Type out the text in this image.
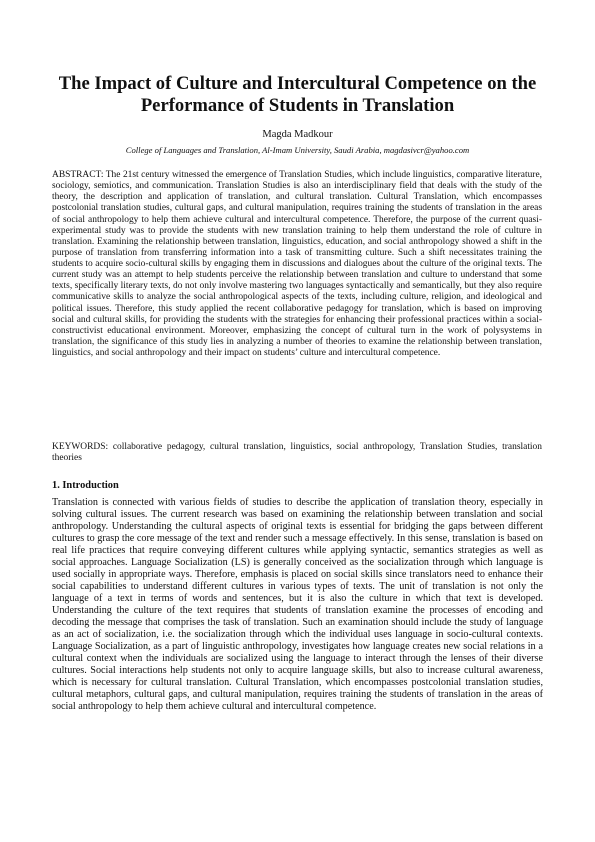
The Impact of Culture and Intercultural Competence on the Performance of Students in Translation
Magda Madkour
College of Languages and Translation, Al-Imam University, Saudi Arabia, magdasivcr@yahoo.com

ABSTRACT: The 21st century witnessed the emergence of Translation Studies, which include linguistics, comparative literature, sociology, semiotics, and communication. Translation Studies is also an interdisciplinary field that deals with the study of the theory, the description and application of translation, and cultural translation. Cultural Translation, which encompasses postcolonial translation studies, cultural gaps, and cultural manipulation, requires training the students of translation in the areas of social anthropology to help them achieve cultural and intercultural competence. Therefore, the purpose of the current quasi-experimental study was to provide the students with new translation training to help them understand the role of culture in translation. Examining the relationship between translation, linguistics, education, and social anthropology showed a shift in the purpose of translation from transferring information into a task of transmitting culture. Such a shift necessitates training the students to acquire socio-cultural skills by engaging them in discussions and dialogues about the culture of the original texts. The current study was an attempt to help students perceive the relationship between translation and culture to understand that some texts, specifically literary texts, do not only involve mastering two languages syntactically and semantically, but they also require communicative skills to analyze the social anthropological aspects of the texts, including culture, religion, and ideological and political issues. Therefore, this study applied the recent collaborative pedagogy for translation, which is based on improving social and cultural skills, for providing the students with the strategies for enhancing their professional practices within a social-constructivist educational environment. Moreover, emphasizing the concept of cultural turn in the work of polysystems in translation, the significance of this study lies in analyzing a number of theories to examine the relationship between translation, linguistics, and social anthropology and their impact on students’ culture and intercultural competence.

KEYWORDS: collaborative pedagogy, cultural translation, linguistics, social anthropology, Translation Studies, translation theories

1. Introduction

Translation is connected with various fields of studies to describe the application of translation theory, especially in solving cultural issues. The current research was based on examining the relationship between translation and social anthropology. Understanding the cultural aspects of original texts is essential for bridging the gaps between different cultures to grasp the core message of the text and render such a message effectively. In this sense, translation is based on real life practices that require conveying different cultures while applying syntactic, semantics strategies as well as social approaches. Language Socialization (LS) is generally conceived as the socialization through which language is used socially in appropriate ways. Therefore, emphasis is placed on social skills since translators need to enhance their social capabilities to understand different cultures in various types of texts. The unit of translation is not only the language of a text in terms of words and sentences, but it is also the culture in which that text is developed. Understanding the culture of the text requires that students of translation examine the processes of encoding and decoding the message that comprises the task of translation. Such an examination should include the study of language as an act of socialization, i.e. the socialization through which the individual uses language in socio-cultural contexts. Language Socialization, as a part of linguistic anthropology, investigates how language creates new social relations in a cultural context when the individuals are socialized using the language to interact through the lenses of their diverse cultures. Social interactions help students not only to acquire language skills, but also to increase cultural awareness, which is necessary for cultural translation. Cultural Translation, which encompasses postcolonial translation studies, cultural metaphors, cultural gaps, and cultural manipulation, requires training the students of translation in the areas of social anthropology to help them achieve cultural and intercultural competence.
